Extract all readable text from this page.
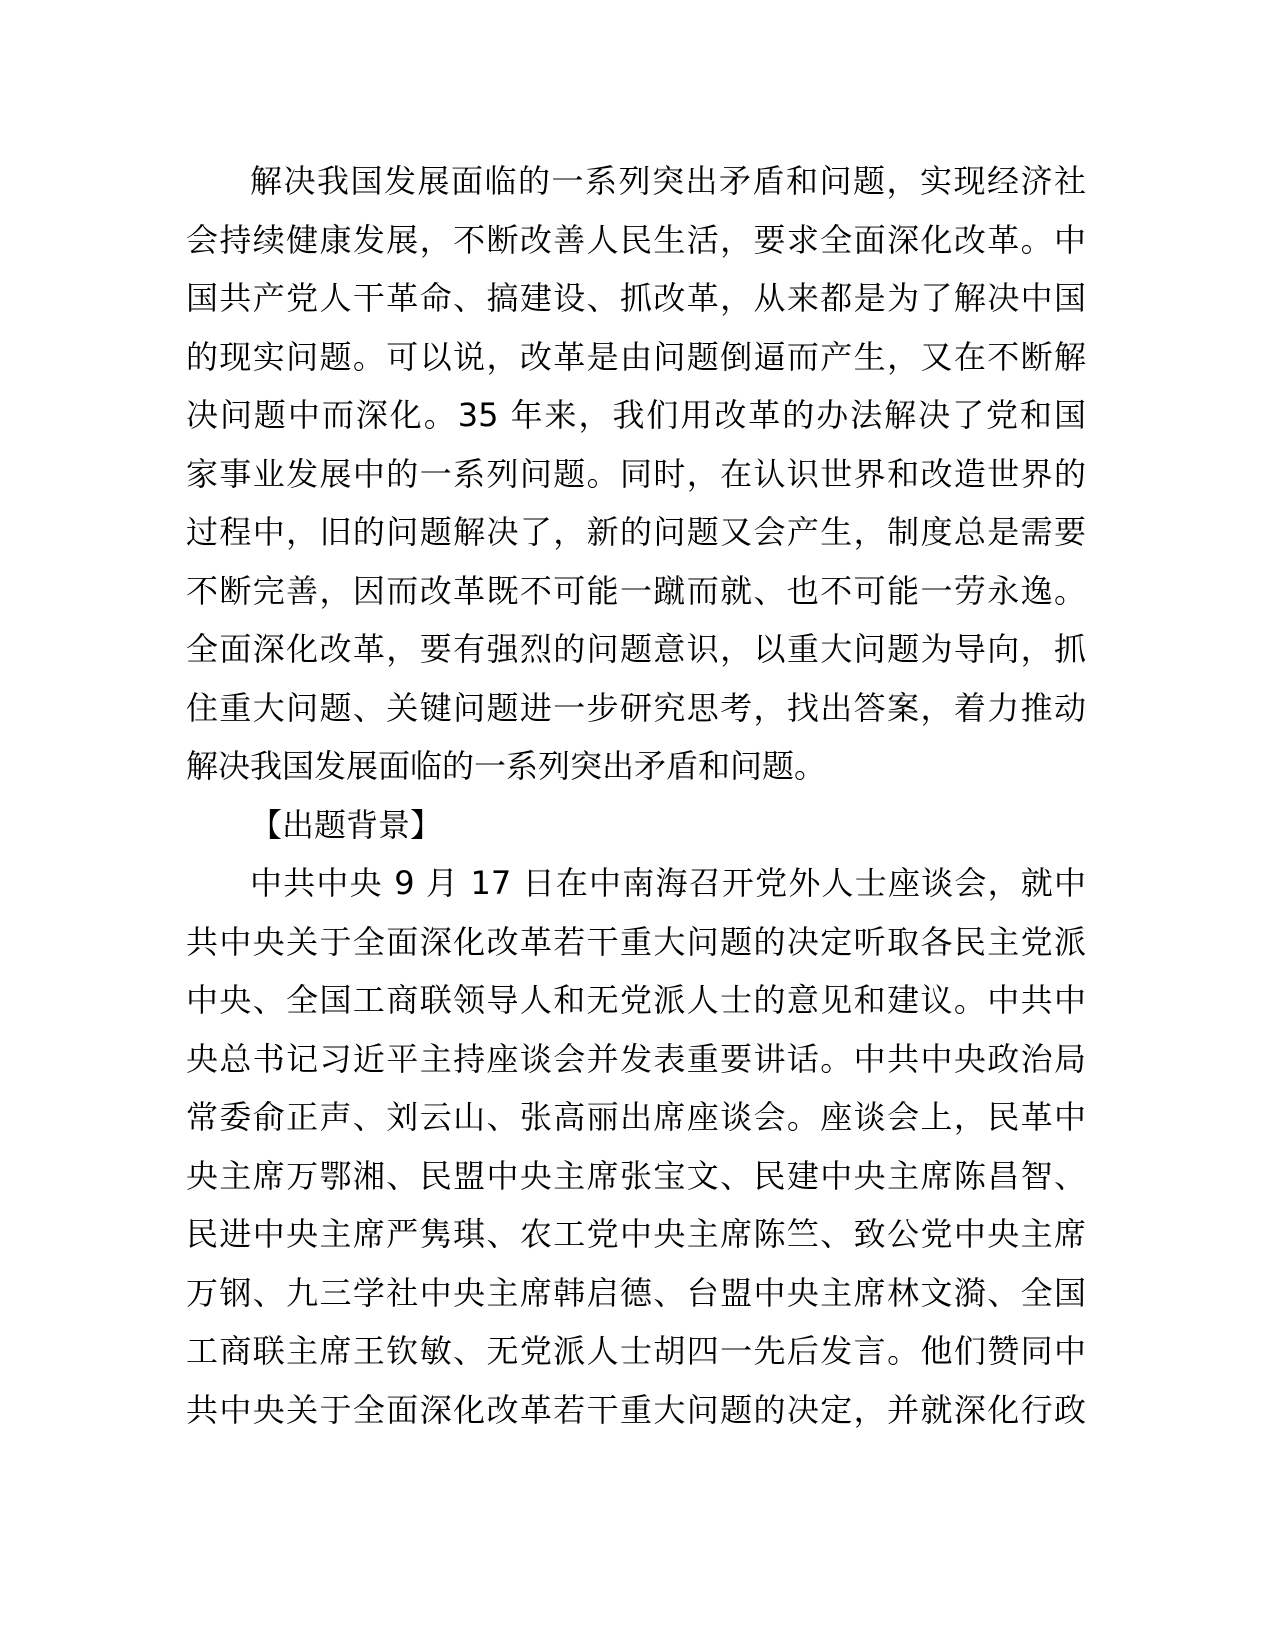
解决我国发展面临的一系列突出矛盾和问题，实现经济社
会持续健康发展，不断改善人民生活，要求全面深化改革。中
国共产党人干革命、搞建设、抓改革，从来都是为了解决中国
的现实问题。可以说，改革是由问题倒逼而产生，又在不断解
决问题中而深化。35 年来，我们用改革的办法解决了党和国
家事业发展中的一系列问题。同时，在认识世界和改造世界的
过程中，旧的问题解决了，新的问题又会产生，制度总是需要
不断完善，因而改革既不可能一蹴而就、也不可能一劳永逸。
全面深化改革，要有强烈的问题意识，以重大问题为导向，抓
住重大问题、关键问题进一步研究思考，找出答案，着力推动
解决我国发展面临的一系列突出矛盾和问题。
【出题背景】
中共中央 9 月 17 日在中南海召开党外人士座谈会，就中
共中央关于全面深化改革若干重大问题的决定听取各民主党派
中央、全国工商联领导人和无党派人士的意见和建议。中共中
央总书记习近平主持座谈会并发表重要讲话。中共中央政治局
常委俞正声、刘云山、张高丽出席座谈会。座谈会上，民革中
央主席万鄂湘、民盟中央主席张宝文、民建中央主席陈昌智、
民进中央主席严隽琪、农工党中央主席陈竺、致公党中央主席
万钢、九三学社中央主席韩启德、台盟中央主席林文漪、全国
工商联主席王钦敏、无党派人士胡四一先后发言。他们赞同中
共中央关于全面深化改革若干重大问题的决定，并就深化行政
